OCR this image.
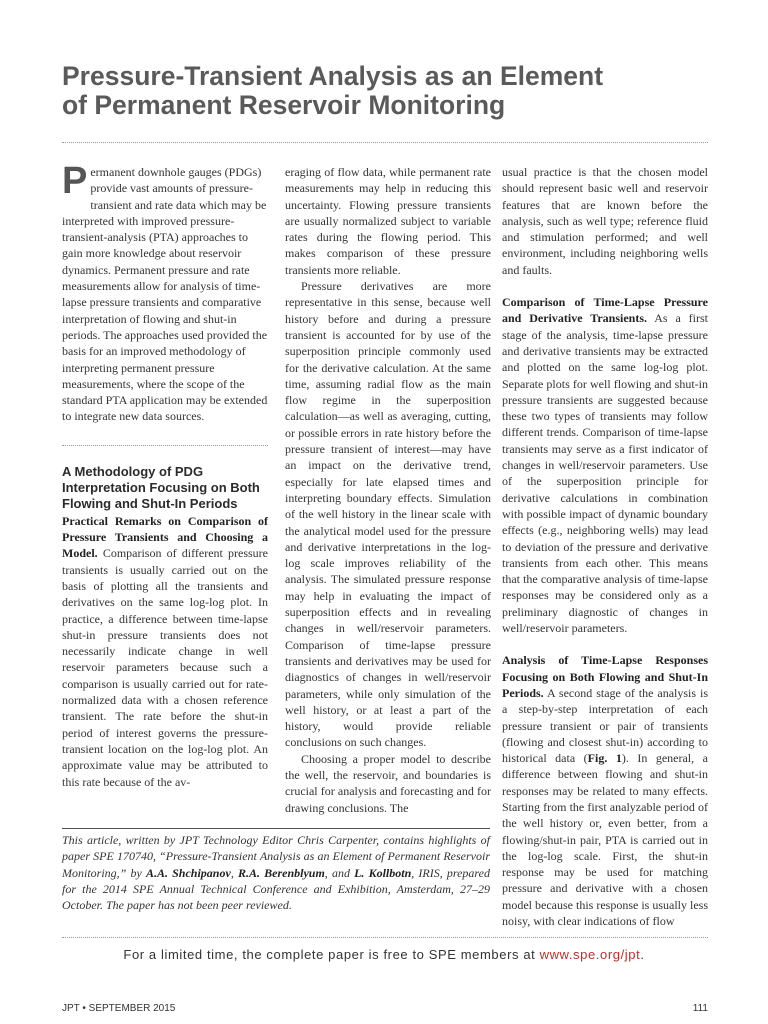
Pressure-Transient Analysis as an Element
of Permanent Reservoir Monitoring

Permanent downhole gauges (PDGs) provide vast amounts of pressure-transient and rate data which may be interpreted with improved pressure-transient-analysis (PTA) approaches to gain more knowledge about reservoir dynamics. Permanent pressure and rate measurements allow for analysis of time-lapse pressure transients and comparative interpretation of flowing and shut-in periods. The approaches used provided the basis for an improved methodology of interpreting permanent pressure measurements, where the scope of the standard PTA application may be extended to integrate new data sources.

A Methodology of PDG Interpretation Focusing on Both Flowing and Shut-In Periods

Practical Remarks on Comparison of Pressure Transients and Choosing a Model. Comparison of different pressure transients is usually carried out on the basis of plotting all the transients and derivatives on the same log-log plot. In practice, a difference between time-lapse shut-in pressure transients does not necessarily indicate change in well reservoir parameters because such a comparison is usually carried out for rate-normalized data with a chosen reference transient. The rate before the shut-in period of interest governs the pressure-transient location on the log-log plot. An approximate value may be attributed to this rate because of the av-

eraging of flow data, while permanent rate measurements may help in reducing this uncertainty. Flowing pressure transients are usually normalized subject to variable rates during the flowing period. This makes comparison of these pressure transients more reliable.

Pressure derivatives are more representative in this sense, because well history before and during a pressure transient is accounted for by use of the superposition principle commonly used for the derivative calculation. At the same time, assuming radial flow as the main flow regime in the superposition calculation—as well as averaging, cutting, or possible errors in rate history before the pressure transient of interest—may have an impact on the derivative trend, especially for late elapsed times and interpreting boundary effects. Simulation of the well history in the linear scale with the analytical model used for the pressure and derivative interpretations in the log-log scale improves reliability of the analysis. The simulated pressure response may help in evaluating the impact of superposition effects and in revealing changes in well/reservoir parameters. Comparison of time-lapse pressure transients and derivatives may be used for diagnostics of changes in well/reservoir parameters, while only simulation of the well history, or at least a part of the history, would provide reliable conclusions on such changes.

Choosing a proper model to describe the well, the reservoir, and boundaries is crucial for analysis and forecasting and for drawing conclusions. The

usual practice is that the chosen model should represent basic well and reservoir features that are known before the analysis, such as well type; reference fluid and stimulation performed; and well environment, including neighboring wells and faults.

Comparison of Time-Lapse Pressure and Derivative Transients. As a first stage of the analysis, time-lapse pressure and derivative transients may be extracted and plotted on the same log-log plot. Separate plots for well flowing and shut-in pressure transients are suggested because these two types of transients may follow different trends. Comparison of time-lapse transients may serve as a first indicator of changes in well/reservoir parameters. Use of the superposition principle for derivative calculations in combination with possible impact of dynamic boundary effects (e.g., neighboring wells) may lead to deviation of the pressure and derivative transients from each other. This means that the comparative analysis of time-lapse responses may be considered only as a preliminary diagnostic of changes in well/reservoir parameters.

Analysis of Time-Lapse Responses Focusing on Both Flowing and Shut-In Periods. A second stage of the analysis is a step-by-step interpretation of each pressure transient or pair of transients (flowing and closest shut-in) according to historical data (Fig. 1). In general, a difference between flowing and shut-in responses may be related to many effects. Starting from the first analyzable period of the well history or, even better, from a flowing/shut-in pair, PTA is carried out in the log-log scale. First, the shut-in response may be used for matching pressure and derivative with a chosen model because this response is usually less noisy, with clear indications of flow

This article, written by JPT Technology Editor Chris Carpenter, contains highlights of paper SPE 170740, “Pressure-Transient Analysis as an Element of Permanent Reservoir Monitoring,” by A.A. Shchipanov, R.A. Berenblyum, and L. Kollbotn, IRIS, prepared for the 2014 SPE Annual Technical Conference and Exhibition, Amsterdam, 27–29 October. The paper has not been peer reviewed.
For a limited time, the complete paper is free to SPE members at www.spe.org/jpt.
JPT • SEPTEMBER 2015	111
